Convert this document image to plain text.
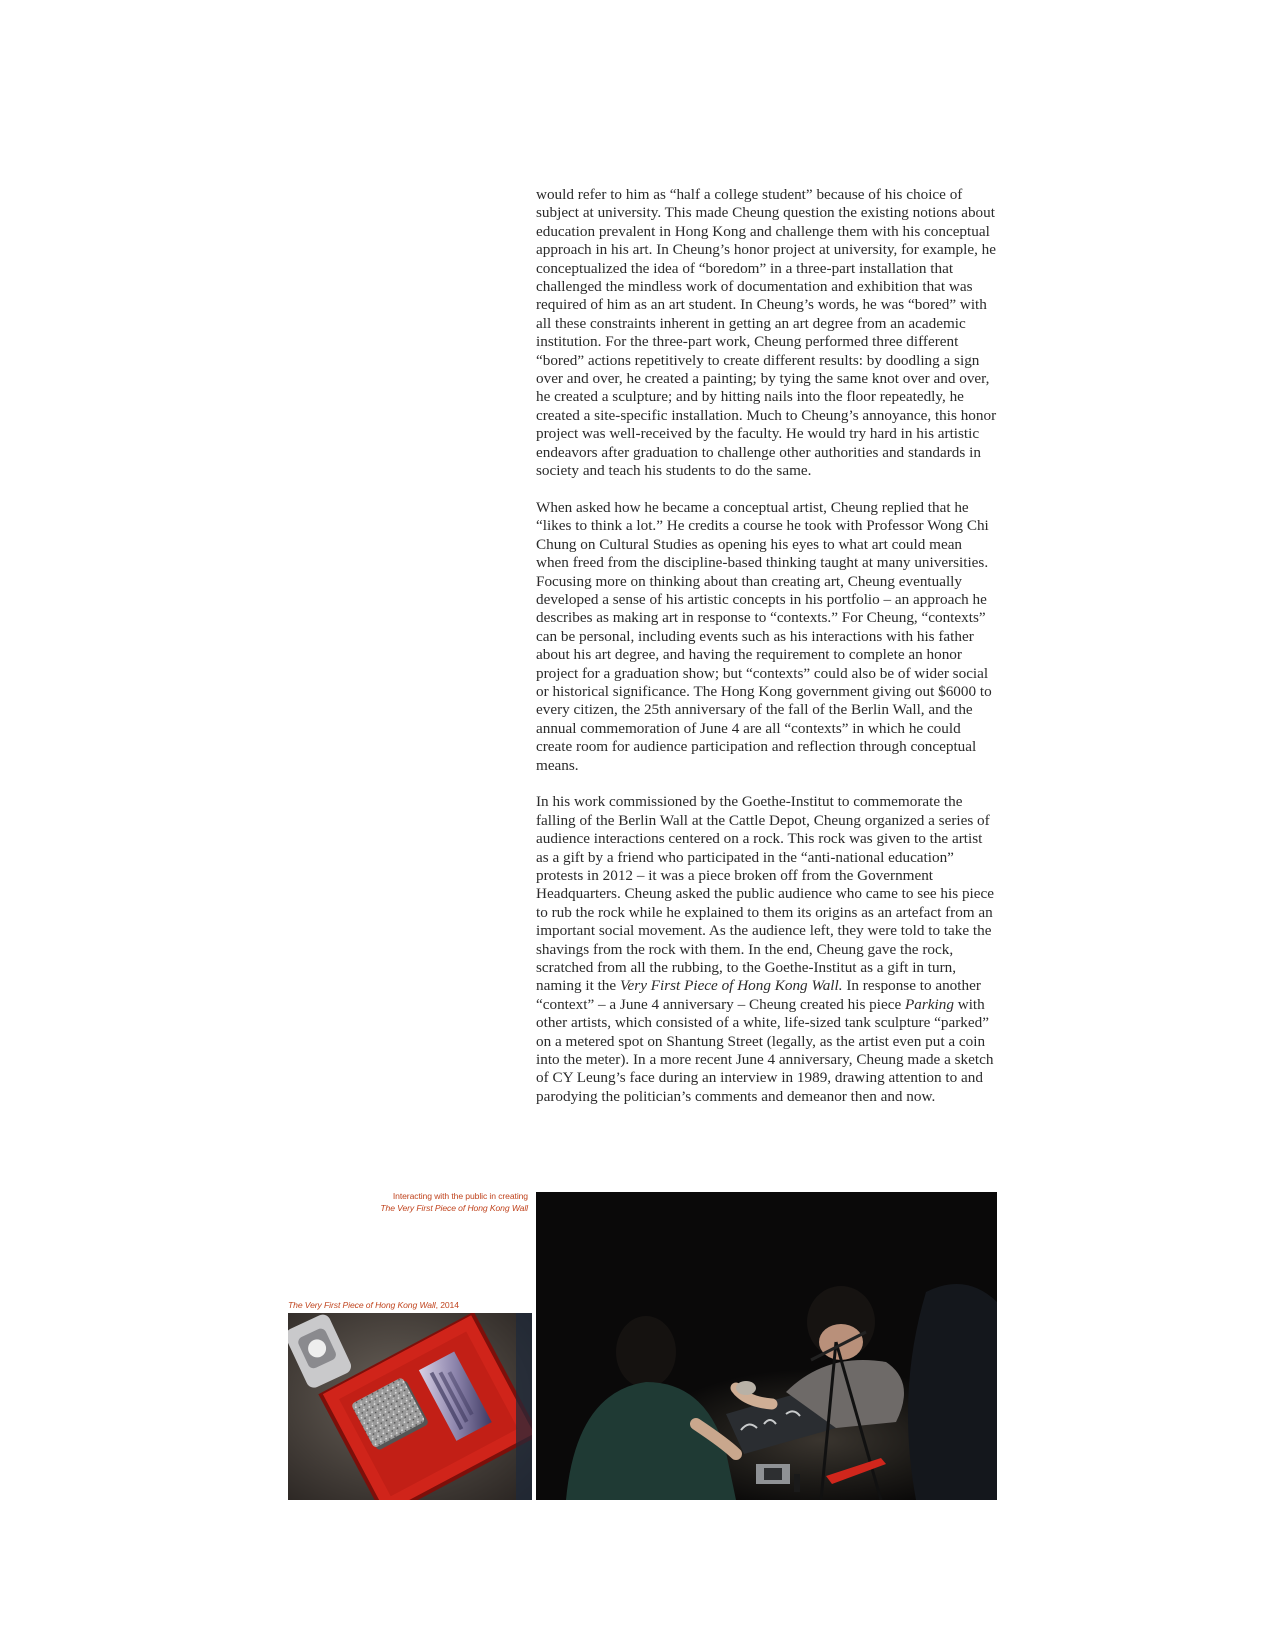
would refer to him as “half a college student” because of his choice of subject at university. This made Cheung question the existing notions about education prevalent in Hong Kong and challenge them with his conceptual approach in his art. In Cheung’s honor project at university, for example, he conceptualized the idea of “boredom” in a three-part installation that challenged the mindless work of documentation and exhibition that was required of him as an art student. In Cheung’s words, he was “bored” with all these constraints inherent in getting an art degree from an academic institution. For the three-part work, Cheung performed three different “bored” actions repetitively to create different results: by doodling a sign over and over, he created a painting; by tying the same knot over and over, he created a sculpture; and by hitting nails into the floor repeatedly, he created a site-specific installation. Much to Cheung’s annoyance, this honor project was well-received by the faculty. He would try hard in his artistic endeavors after graduation to challenge other authorities and standards in society and teach his students to do the same.

When asked how he became a conceptual artist, Cheung replied that he “likes to think a lot.” He credits a course he took with Professor Wong Chi Chung on Cultural Studies as opening his eyes to what art could mean when freed from the discipline-based thinking taught at many universities. Focusing more on thinking about than creating art, Cheung eventually developed a sense of his artistic concepts in his portfolio – an approach he describes as making art in response to “contexts.” For Cheung, “contexts” can be personal, including events such as his interactions with his father about his art degree, and having the requirement to complete an honor project for a graduation show; but “contexts” could also be of wider social or historical significance. The Hong Kong government giving out $6000 to every citizen, the 25th anniversary of the fall of the Berlin Wall, and the annual commemoration of June 4 are all “contexts” in which he could create room for audience participation and reflection through conceptual means.

In his work commissioned by the Goethe-Institut to commemorate the falling of the Berlin Wall at the Cattle Depot, Cheung organized a series of audience interactions centered on a rock. This rock was given to the artist as a gift by a friend who participated in the “anti-national education” protests in 2012 – it was a piece broken off from the Government Headquarters. Cheung asked the public audience who came to see his piece to rub the rock while he explained to them its origins as an artefact from an important social movement. As the audience left, they were told to take the shavings from the rock with them. In the end, Cheung gave the rock, scratched from all the rubbing, to the Goethe-Institut as a gift in turn, naming it the Very First Piece of Hong Kong Wall. In response to another “context” – a June 4 anniversary – Cheung created his piece Parking with other artists, which consisted of a white, life-sized tank sculpture “parked” on a metered spot on Shantung Street (legally, as the artist even put a coin into the meter). In a more recent June 4 anniversary, Cheung made a sketch of CY Leung’s face during an interview in 1989, drawing attention to and parodying the politician’s comments and demeanor then and now.

Interacting with the public in creating
The Very First Piece of Hong Kong Wall
The Very First Piece of Hong Kong Wall, 2014
